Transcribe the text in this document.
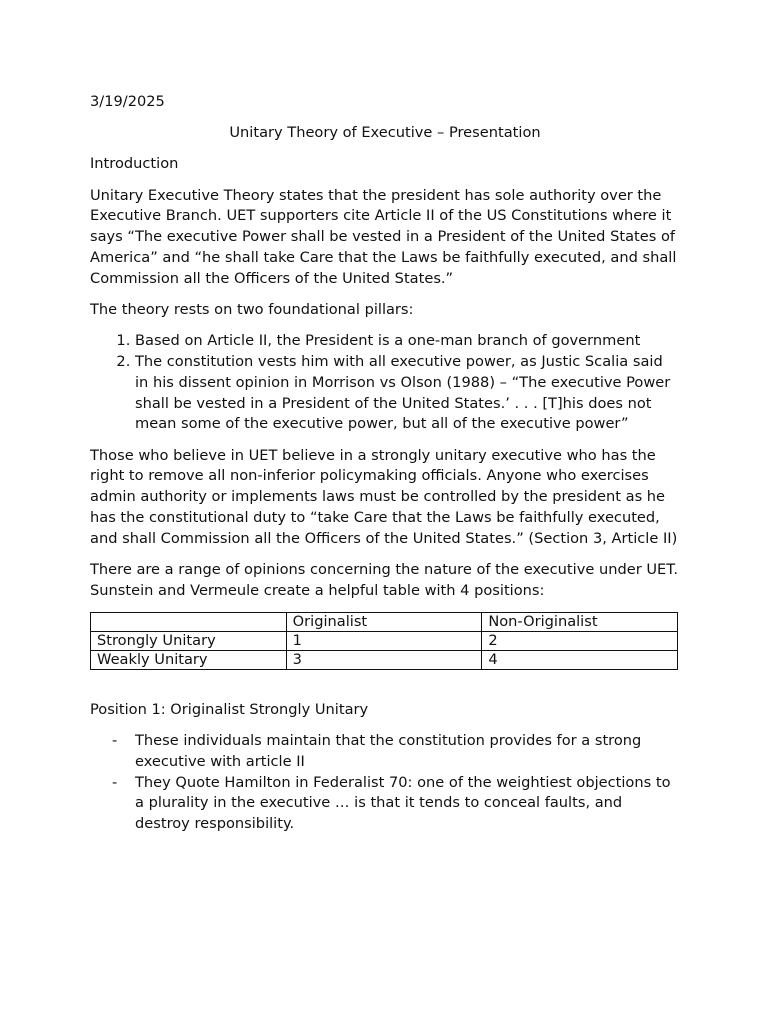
3/19/2025

Unitary Theory of Executive – Presentation

Introduction

Unitary Executive Theory states that the president has sole authority over the Executive Branch. UET supporters cite Article II of the US Constitutions where it says “The executive Power shall be vested in a President of the United States of America” and “he shall take Care that the Laws be faithfully executed, and shall Commission all the Officers of the United States.”

The theory rests on two foundational pillars:

1. Based on Article II, the President is a one-man branch of government
2. The constitution vests him with all executive power, as Justic Scalia said in his dissent opinion in Morrison vs Olson (1988) – “The executive Power shall be vested in a President of the United States.’ . . . [T]his does not mean some of the executive power, but all of the executive power”

Those who believe in UET believe in a strongly unitary executive who has the right to remove all non-inferior policymaking officials. Anyone who exercises admin authority or implements laws must be controlled by the president as he has the constitutional duty to “take Care that the Laws be faithfully executed, and shall Commission all the Officers of the United States.” (Section 3, Article II)

There are a range of opinions concerning the nature of the executive under UET. Sunstein and Vermeule create a helpful table with 4 positions:

	Originalist	Non-Originalist
Strongly Unitary	1	2
Weakly Unitary	3	4

Position 1: Originalist Strongly Unitary

- These individuals maintain that the constitution provides for a strong executive with article II
- They Quote Hamilton in Federalist 70: one of the weightiest objections to a plurality in the executive … is that it tends to conceal faults, and destroy responsibility.
